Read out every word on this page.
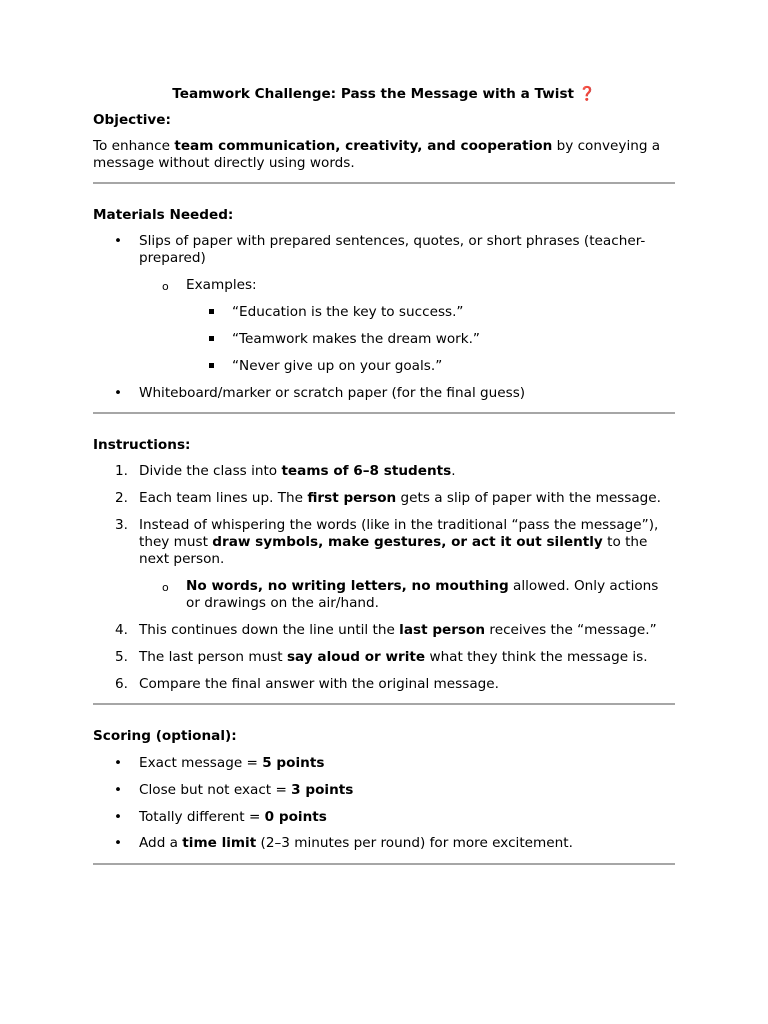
Teamwork Challenge: Pass the Message with a Twist ❓

Objective:

To enhance team communication, creativity, and cooperation by conveying a message without directly using words.

Materials Needed:

• Slips of paper with prepared sentences, quotes, or short phrases (teacher-prepared)
o Examples:
“Education is the key to success.”
“Teamwork makes the dream work.”
“Never give up on your goals.”
• Whiteboard/marker or scratch paper (for the final guess)

Instructions:

1. Divide the class into teams of 6–8 students.
2. Each team lines up. The first person gets a slip of paper with the message.
3. Instead of whispering the words (like in the traditional “pass the message”), they must draw symbols, make gestures, or act it out silently to the next person.
o No words, no writing letters, no mouthing allowed. Only actions or drawings on the air/hand.
4. This continues down the line until the last person receives the “message.”
5. The last person must say aloud or write what they think the message is.
6. Compare the final answer with the original message.

Scoring (optional):

• Exact message = 5 points
• Close but not exact = 3 points
• Totally different = 0 points
• Add a time limit (2–3 minutes per round) for more excitement.
